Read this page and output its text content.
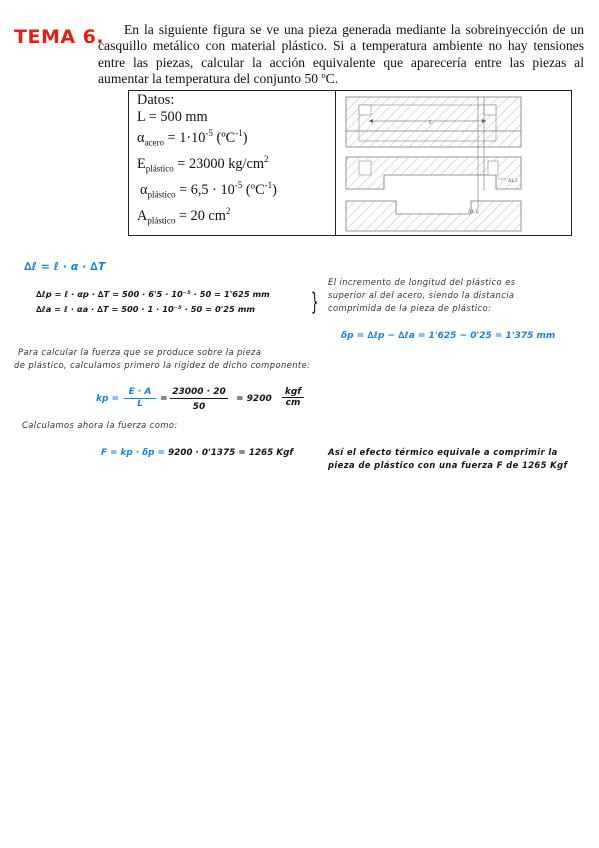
TEMA 6.	En la siguiente figura se ve una pieza generada mediante la sobreinyección de un casquillo metálico con material plástico. Si a temperatura ambiente no hay tensiones entre las piezas, calcular la acción equivalente que aparecería entre las piezas al aumentar la temperatura del conjunto 50 ºC.

Datos:
L = 500 mm
$\alpha_{acero} = 1\cdot 10^{-5}$ (ºC$^{-1}$)
$E_{plástico} = 23000$ $kg/cm^2$
$\alpha_{plástico} = 6,5 \cdot 10^{-5}$ (ºC$^{-1}$)
$A_{plástico} = 20$ $cm^2$
L
∆L2
∆L1
∆ℓ = ℓ · α · ∆T
∆ℓp = ℓ · αp · ∆T = 500 · 6'5 · 10⁻⁵ · 50 = 1'625 mm
∆ℓa = ℓ · αa · ∆T = 500 · 1 · 10⁻⁵ · 50 = 0'25 mm }
El incremento de longitud del plástico es
superior al del acero, siendo la distancia
comprimida de la pieza de plástico:
δp = ∆ℓp − ∆ℓa = 1'625 − 0'25 = 1'375 mm
Para calcular la fuerza que se produce sobre la pieza
de plástico, calculamos primero la rigidez de dicho componente:
kp =
E · A
L	=
23000 · 20
50
= 9200
kgf
cm
Calculamos ahora la fuerza como:
F = kp · δp = 9200 · 0'1375 = 1265 Kgf	Así el efecto térmico equivale a comprimir la
pieza de plástico con una fuerza F de 1265 Kgf
